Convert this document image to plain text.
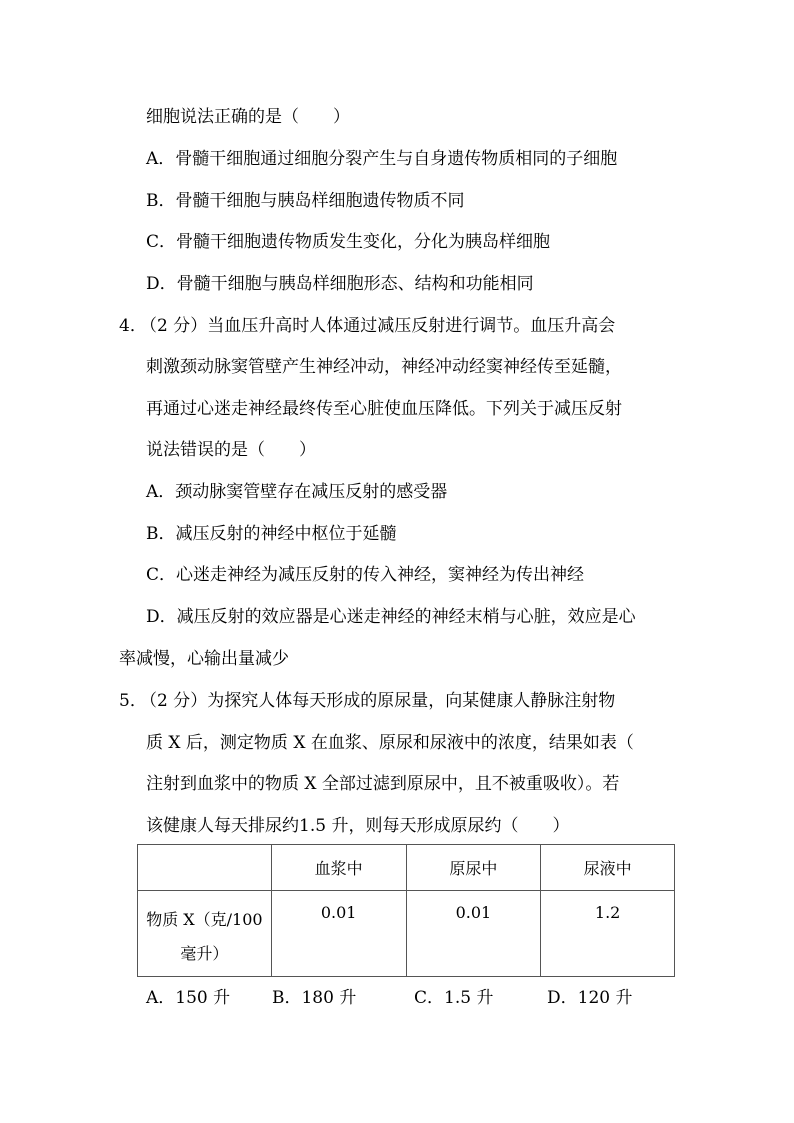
细胞说法正确的是（　　）
A．骨髓干细胞通过细胞分裂产生与自身遗传物质相同的子细胞
B．骨髓干细胞与胰岛样细胞遗传物质不同
C．骨髓干细胞遗传物质发生变化，分化为胰岛样细胞
D．骨髓干细胞与胰岛样细胞形态、结构和功能相同
4．
（2 分）当血压升高时人体通过减压反射进行调节。血压升高会
刺激颈动脉窦管壁产生神经冲动，神经冲动经窦神经传至延髓，
再通过心迷走神经最终传至心脏使血压降低。下列关于减压反射
说法错误的是（　　）
A．颈动脉窦管壁存在减压反射的感受器
B．减压反射的神经中枢位于延髓
C．心迷走神经为减压反射的传入神经，窦神经为传出神经
D．减压反射的效应器是心迷走神经的神经末梢与心脏，效应是心
率减慢，心输出量减少
5．
（2 分）为探究人体每天形成的原尿量，向某健康人静脉注射物
质 X 后，测定物质 X 在血浆、原尿和尿液中的浓度，结果如表（
注射到血浆中的物质 X 全部过滤到原尿中，且不被重吸收）。若
该健康人每天排尿约1.5 升，则每天形成原尿约（　　）
	血浆中	原尿中	尿液中

物质 X（克/100
毫升）	0.01	0.01	1.2
A．150 升 B．180 升	C．1.5 升	D．120 升
